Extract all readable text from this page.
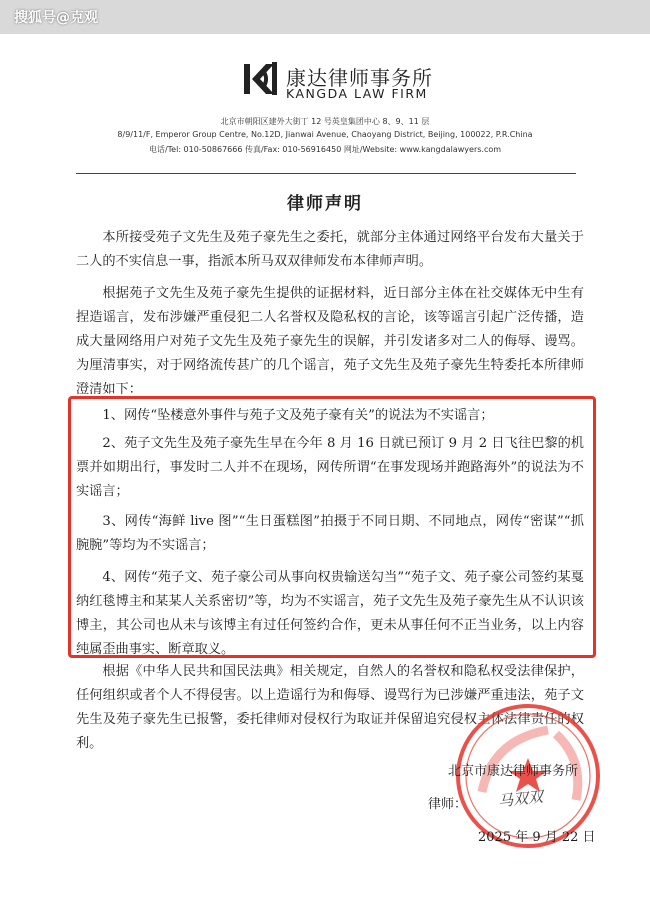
搜狐号@克观
康达律师事务所
KANGDA LAW FIRM
北京市朝阳区建外大街丁 12 号英皇集团中心 8、9、11 层
8/9/11/F, Emperor Group Centre, No.12D, Jianwai Avenue, Chaoyang District, Beijing, 100022, P.R.China
电话/Tel: 010-50867666 传真/Fax: 010-56916450 网址/Website: www.kangdalawyers.com
律师声明
本所接受苑子文先生及苑子豪先生之委托，就部分主体通过网络平台发布大量关于二人的不实信息一事，指派本所马双双律师发布本律师声明。
根据苑子文先生及苑子豪先生提供的证据材料，近日部分主体在社交媒体无中生有捏造谣言，发布涉嫌严重侵犯二人名誉权及隐私权的言论，该等谣言引起广泛传播，造成大量网络用户对苑子文先生及苑子豪先生的误解，并引发诸多对二人的侮辱、谩骂。为厘清事实，对于网络流传甚广的几个谣言，苑子文先生及苑子豪先生特委托本所律师澄清如下：
1、网传“坠楼意外事件与苑子文及苑子豪有关”的说法为不实谣言；
2、苑子文先生及苑子豪先生早在今年 8 月 16 日就已预订 9 月 2 日飞往巴黎的机票并如期出行，事发时二人并不在现场，网传所谓“在事发现场并跑路海外”的说法为不实谣言；
3、网传“海鲜 live 图”“生日蛋糕图”拍摄于不同日期、不同地点，网传“密谋”“抓腕腕”等均为不实谣言；
4、网传“苑子文、苑子豪公司从事向权贵输送勾当”“苑子文、苑子豪公司签约某戛纳红毯博主和某某人关系密切”等，均为不实谣言，苑子文先生及苑子豪先生从不认识该博主，其公司也从未与该博主有过任何签约合作，更未从事任何不正当业务，以上内容纯属歪曲事实、断章取义。
根据《中华人民共和国民法典》相关规定，自然人的名誉权和隐私权受法律保护，任何组织或者个人不得侵害。以上造谣行为和侮辱、谩骂行为已涉嫌严重违法，苑子文先生及苑子豪先生已报警，委托律师对侵权行为取证并保留追究侵权主体法律责任的权利。
北京市康达律师事务所
律师： 马双双
2025 年 9 月 22 日
